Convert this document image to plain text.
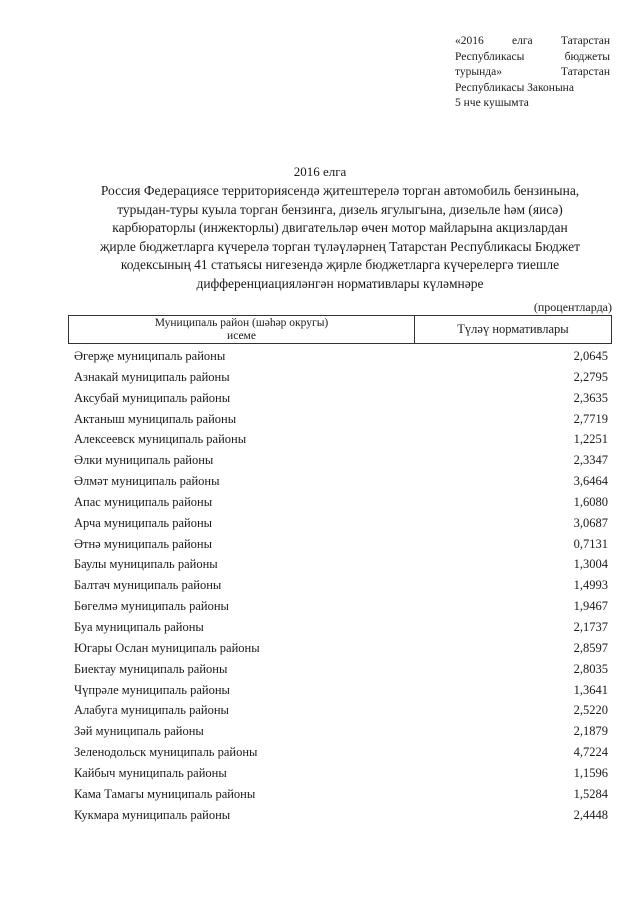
«2016 елга Татарстан
Республикасы бюджеты
турында» Татарстан
Республикасы Законына
5 нче кушымта
2016 елга
Россия Федерациясе территориясендә җитештерелә торган автомобиль бензинына,
турыдан-туры куыла торган бензинга, дизель ягулыгына, дизельле һәм (яисә)
карбюраторлы (инжекторлы) двигательләр өчен мотор майларына акцизлардан
җирле бюджетларга күчерелә торган түләүләрнең Татарстан Республикасы Бюджет
кодексының 41 статьясы нигезендә җирле бюджетларга күчерелергә тиешле
дифференциацияләнгән нормативлары күләмнәре
(процентларда)
Муниципаль район (шәһәр округы)
исеме	Түләү нормативлары
Әгерҗе муниципаль районы	2,0645
Азнакай муниципаль районы	2,2795
Аксубай муниципаль районы	2,3635
Актаныш муниципаль районы	2,7719
Алексеевск муниципаль районы	1,2251
Әлки муниципаль районы	2,3347
Әлмәт муниципаль районы	3,6464
Апас муниципаль районы	1,6080
Арча муниципаль районы	3,0687
Әтнә муниципаль районы	0,7131
Баулы муниципаль районы	1,3004
Балтач муниципаль районы	1,4993
Бөгелмә муниципаль районы	1,9467
Буа муниципаль районы	2,1737
Югары Ослан муниципаль районы	2,8597
Биектау муниципаль районы	2,8035
Чүпрәле муниципаль районы	1,3641
Алабуга муниципаль районы	2,5220
Зәй муниципаль районы	2,1879
Зеленодольск муниципаль районы	4,7224
Кайбыч муниципаль районы	1,1596
Кама Тамагы муниципаль районы	1,5284
Кукмара муниципаль районы	2,4448
